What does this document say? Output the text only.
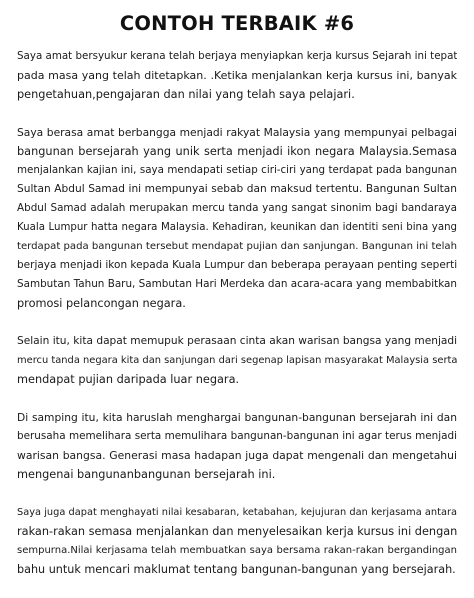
CONTOH TERBAIK #6
Saya amat bersyukur kerana telah berjaya menyiapkan kerja kursus Sejarah ini tepat
pada masa yang telah ditetapkan. .Ketika menjalankan kerja kursus ini, banyak
pengetahuan,pengajaran dan nilai yang telah saya pelajari.
Saya berasa amat berbangga menjadi rakyat Malaysia yang mempunyai pelbagai
bangunan bersejarah yang unik serta menjadi ikon negara Malaysia.Semasa
menjalankan kajian ini, saya mendapati setiap ciri-ciri yang terdapat pada bangunan
Sultan Abdul Samad ini mempunyai sebab dan maksud tertentu. Bangunan Sultan
Abdul Samad adalah merupakan mercu tanda yang sangat sinonim bagi bandaraya
Kuala Lumpur hatta negara Malaysia. Kehadiran, keunikan dan identiti seni bina yang
terdapat pada bangunan tersebut mendapat pujian dan sanjungan. Bangunan ini telah
berjaya menjadi ikon kepada Kuala Lumpur dan beberapa perayaan penting seperti
Sambutan Tahun Baru, Sambutan Hari Merdeka dan acara-acara yang membabitkan
promosi pelancongan negara.
Selain itu, kita dapat memupuk perasaan cinta akan warisan bangsa yang menjadi
mercu tanda negara kita dan sanjungan dari segenap lapisan masyarakat Malaysia serta
mendapat pujian daripada luar negara.
Di samping itu, kita haruslah menghargai bangunan-bangunan bersejarah ini dan
berusaha memelihara serta memulihara bangunan-bangunan ini agar terus menjadi
warisan bangsa. Generasi masa hadapan juga dapat mengenali dan mengetahui
mengenai bangunanbangunan bersejarah ini.
Saya juga dapat menghayati nilai kesabaran, ketabahan, kejujuran dan kerjasama antara
rakan-rakan semasa menjalankan dan menyelesaikan kerja kursus ini dengan
sempurna.Nilai kerjasama telah membuatkan saya bersama rakan-rakan bergandingan
bahu untuk mencari maklumat tentang bangunan-bangunan yang bersejarah.
